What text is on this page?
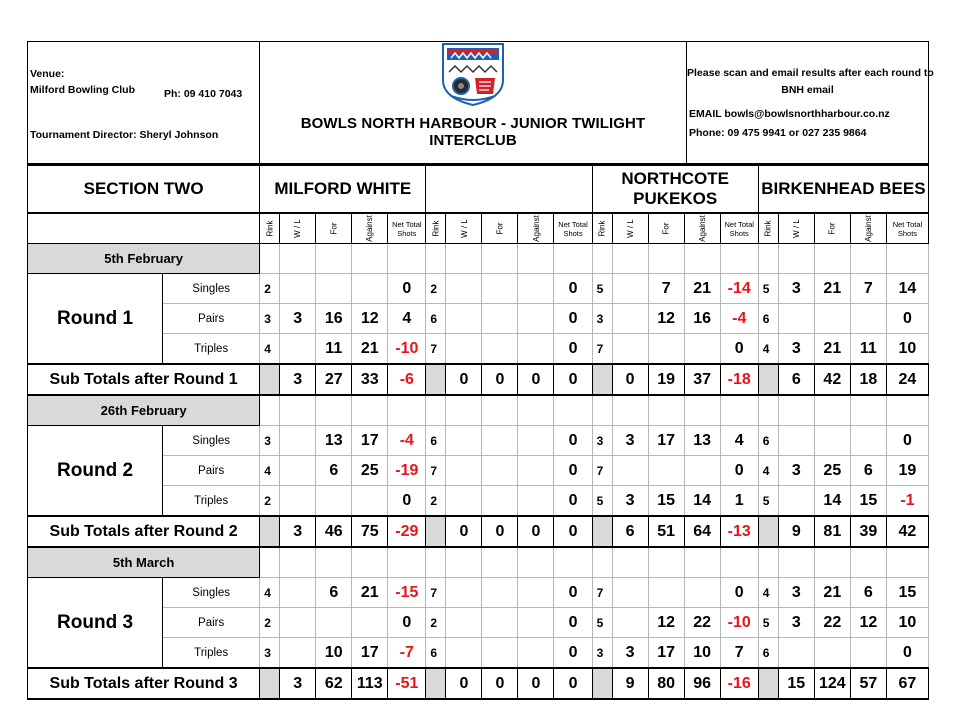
Venue:
Milford Bowling Club	Ph: 09 410 7043
Tournament Director: Sheryl Johnson
BOWLS NORTH HARBOUR - JUNIOR TWILIGHT INTERCLUB
Please scan and email results after each round to
BNH email
EMAIL bowls@bowlsnorthharbour.co.nz
Phone: 09 475 9941 or 027 235 9864
SECTION TWO		MILFORD WHITE										NORTHCOTE PUKEKOS					BIRKENHEAD BEES				
		Rink	W / L	For	Against	Net Total Shots	Rink	W / L	For	Against	Net Total Shots	Rink	W / L	For	Against	Net Total Shots	Rink	W / L	For	Against	Net Total Shots

5th February																					
Round 1	Singles	2				0	2				0	5		7	21	-14	5	3	21	7	14
	Pairs	3	3	16	12	4	6				0	3		12	16	-4	6				0
	Triples	4		11	21	-10	7				0	7				0	4	3	21	11	10
Sub Totals after Round 1			3	27	33	-6		0	0	0	0		0	19	37	-18		6	42	18	24
26th February																					
Round 2	Singles	3		13	17	-4	6				0	3	3	17	13	4	6				0
	Pairs	4		6	25	-19	7				0	7				0	4	3	25	6	19
	Triples	2				0	2				0	5	3	15	14	1	5		14	15	-1
Sub Totals after Round 2			3	46	75	-29		0	0	0	0		6	51	64	-13		9	81	39	42
5th March																					
Round 3	Singles	4		6	21	-15	7				0	7				0	4	3	21	6	15
	Pairs	2				0	2				0	5		12	22	-10	5	3	22	12	10
	Triples	3		10	17	-7	6				0	3	3	17	10	7	6				0
Sub Totals after Round 3			3	62	113	-51		0	0	0	0		9	80	96	-16		15	124	57	67
